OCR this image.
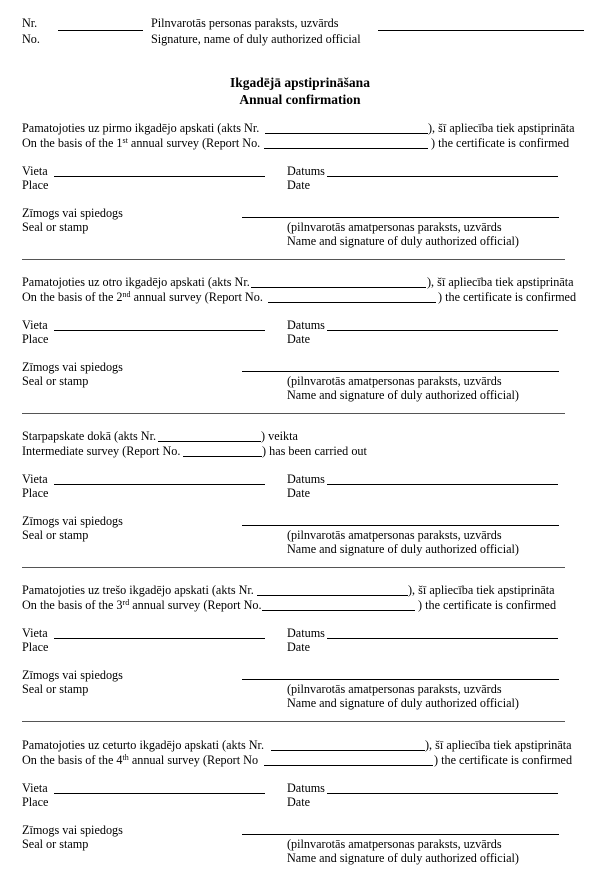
Nr.
No.
Pilnvarotās personas paraksts, uzvārds
Signature, name of duly authorized official
Ikgadējā apstiprināšana
Annual confirmation
Pamatojoties uz pirmo ikgadējo apskati (akts Nr.	), šī apliecība tiek apstiprināta
On the basis of the 1st annual survey (Report No.	) the certificate is confirmed
Vieta
Place
Datums
Date
Zīmogs vai spiedogs
Seal or stamp	(pilnvarotās amatpersonas paraksts, uzvārds
Name and signature of duly authorized official)
Pamatojoties uz otro ikgadējo apskati (akts Nr.	), šī apliecība tiek apstiprināta
On the basis of the 2nd annual survey (Report No.	) the certificate is confirmed
Vieta
Place
Datums
Date
Zīmogs vai spiedogs
Seal or stamp	(pilnvarotās amatpersonas paraksts, uzvārds
Name and signature of duly authorized official)
Starpapskate dokā (akts Nr.	) veikta
Intermediate survey (Report No.	) has been carried out
Vieta
Place
Datums
Date
Zīmogs vai spiedogs
Seal or stamp	(pilnvarotās amatpersonas paraksts, uzvārds
Name and signature of duly authorized official)
Pamatojoties uz trešo ikgadējo apskati (akts Nr.	), šī apliecība tiek apstiprināta
On the basis of the 3rd annual survey (Report No.	) the certificate is confirmed
Vieta
Place
Datums
Date
Zīmogs vai spiedogs
Seal or stamp	(pilnvarotās amatpersonas paraksts, uzvārds
Name and signature of duly authorized official)
Pamatojoties uz ceturto ikgadējo apskati (akts Nr.	), šī apliecība tiek apstiprināta
On the basis of the 4th annual survey (Report No	) the certificate is confirmed
Vieta
Place
Datums
Date
Zīmogs vai spiedogs
Seal or stamp	(pilnvarotās amatpersonas paraksts, uzvārds
Name and signature of duly authorized official)
